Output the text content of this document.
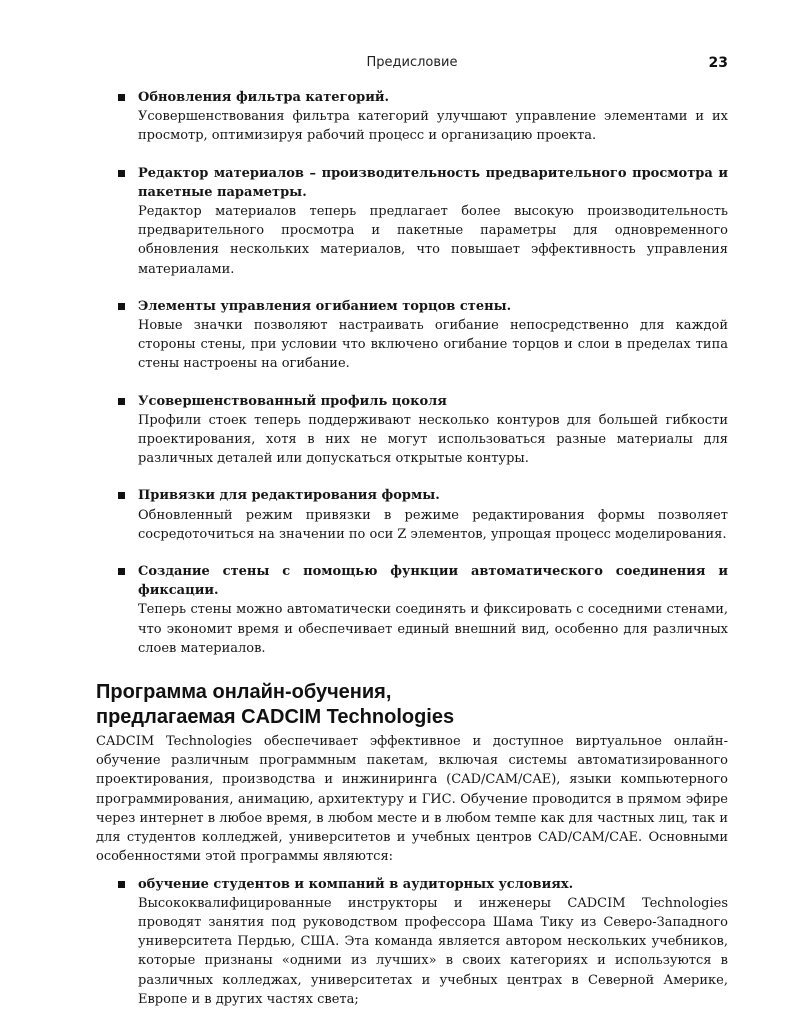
Предисловие	23
Обновления фильтра категорий.
Усовершенствования фильтра категорий улучшают управление элементами и их просмотр, оптимизируя рабочий процесс и организацию проекта.
Редактор материалов – производительность предварительного просмотра и пакетные параметры.
Редактор материалов теперь предлагает более высокую производительность предварительного просмотра и пакетные параметры для одновременного обновления нескольких материалов, что повышает эффективность управления материалами.
Элементы управления огибанием торцов стены.
Новые значки позволяют настраивать огибание непосредственно для каждой стороны стены, при условии что включено огибание торцов и слои в пределах типа стены настроены на огибание.
Усовершенствованный профиль цоколя
Профили стоек теперь поддерживают несколько контуров для большей гибкости проектирования, хотя в них не могут использоваться разные материалы для различных деталей или допускаться открытые контуры.
Привязки для редактирования формы.
Обновленный режим привязки в режиме редактирования формы позволяет сосредоточиться на значении по оси Z элементов, упрощая процесс моделирования.
Создание стены с помощью функции автоматического соединения и фиксации.
Теперь стены можно автоматически соединять и фиксировать с соседними стенами, что экономит время и обеспечивает единый внешний вид, особенно для различных слоев материалов.
Программа онлайн-обучения,
предлагаемая CADCIM Technologies

CADCIM Technologies обеспечивает эффективное и доступное виртуальное онлайн-обучение различным программным пакетам, включая системы автоматизированного проектирования, производства и инжиниринга (CAD/CAM/CAE), языки компьютерного программирования, анимацию, архитектуру и ГИС. Обучение проводится в прямом эфире через интернет в любое время, в любом месте и в любом темпе как для частных лиц, так и для студентов колледжей, университетов и учебных центров CAD/CAM/CAE. Основными особенностями этой программы являются:

обучение студентов и компаний в аудиторных условиях.
Высококвалифицированные инструкторы и инженеры CADCIM Technologies проводят занятия под руководством профессора Шама Тику из Северо-Западного университета Пердью, США. Эта команда является автором нескольких учебников, которые признаны «одними из лучших» в своих категориях и используются в различных колледжах, университетах и учебных центрах в Северной Америке, Европе и в других частях света;
